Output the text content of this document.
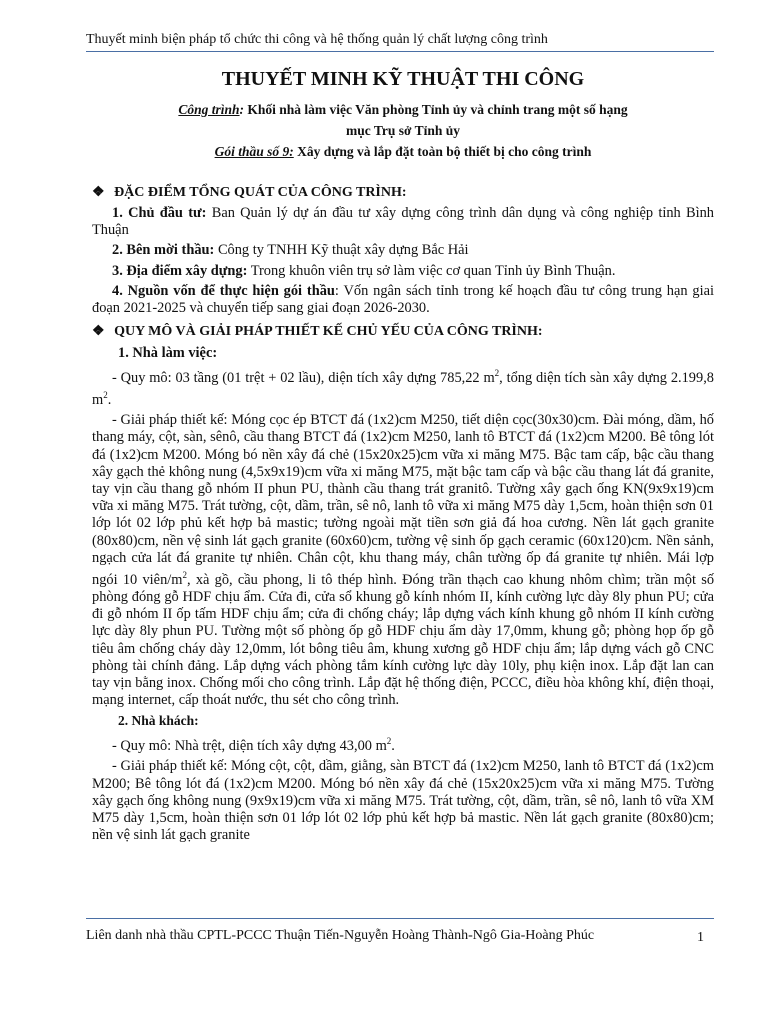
Thuyết minh biện pháp tổ chức thi công và hệ thống quản lý chất lượng công trình
THUYẾT MINH KỸ THUẬT THI CÔNG
Công trình: Khối nhà làm việc Văn phòng Tỉnh ủy và chỉnh trang một số hạng
mục Trụ sở Tỉnh ủy
Gói thầu số 9: Xây dựng và lắp đặt toàn bộ thiết bị cho công trình
❖ ĐẶC ĐIỂM TỔNG QUÁT CỦA CÔNG TRÌNH:

1. Chủ đầu tư: Ban Quản lý dự án đầu tư xây dựng công trình dân dụng và công nghiệp tỉnh Bình Thuận

2. Bên mời thầu: Công ty TNHH Kỹ thuật xây dựng Bắc Hải

3. Địa điểm xây dựng: Trong khuôn viên trụ sở làm việc cơ quan Tỉnh ủy Bình Thuận.

4. Nguồn vốn để thực hiện gói thầu: Vốn ngân sách tỉnh trong kế hoạch đầu tư công trung hạn giai đoạn 2021-2025 và chuyển tiếp sang giai đoạn 2026-2030.

❖ QUY MÔ VÀ GIẢI PHÁP THIẾT KẾ CHỦ YẾU CỦA CÔNG TRÌNH:
1. Nhà làm việc:

- Quy mô: 03 tầng (01 trệt + 02 lầu), diện tích xây dựng 785,22 $m^2$, tổng diện tích sàn xây dựng 2.199,8 $m^2$.

- Giải pháp thiết kế: Móng cọc ép BTCT đá (1x2)cm M250, tiết diện cọc(30x30)cm. Đài móng, dầm, hố thang máy, cột, sàn, sênô, cầu thang BTCT đá (1x2)cm M250, lanh tô BTCT đá (1x2)cm M200. Bê tông lót đá (1x2)cm M200. Móng bó nền xây đá chẻ (15x20x25)cm vữa xi măng M75. Bậc tam cấp, bậc cầu thang xây gạch thẻ không nung (4,5x9x19)cm vữa xi măng M75, mặt bậc tam cấp và bậc cầu thang lát đá granite, tay vịn cầu thang gỗ nhóm II phun PU, thành cầu thang trát granitô. Tường xây gạch ống KN(9x9x19)cm vữa xi măng M75. Trát tường, cột, dầm, trần, sê nô, lanh tô vữa xi măng M75 dày 1,5cm, hoàn thiện sơn 01 lớp lót 02 lớp phủ kết hợp bả mastic; tường ngoài mặt tiền sơn giả đá hoa cương. Nền lát gạch granite (80x80)cm, nền vệ sinh lát gạch granite (60x60)cm, tường vệ sinh ốp gạch ceramic (60x120)cm. Nền sảnh, ngạch cửa lát đá granite tự nhiên. Chân cột, khu thang máy, chân tường ốp đá granite tự nhiên. Mái lợp ngói 10 viên/$m^2$, xà gồ, cầu phong, li tô thép hình. Đóng trần thạch cao khung nhôm chìm; trần một số phòng đóng gỗ HDF chịu ẩm. Cửa đi, cửa sổ khung gỗ kính nhóm II, kính cường lực dày 8ly phun PU; cửa đi gỗ nhóm II ốp tấm HDF chịu ẩm; cửa đi chống cháy; lắp dựng vách kính khung gỗ nhóm II kính cường lực dày 8ly phun PU. Tường một số phòng ốp gỗ HDF chịu ẩm dày 17,0mm, khung gỗ; phòng họp ốp gỗ tiêu âm chống cháy dày 12,0mm, lót bông tiêu âm, khung xương gỗ HDF chịu ẩm; lắp dựng vách gỗ CNC phòng tài chính đảng. Lắp dựng vách phòng tắm kính cường lực dày 10ly, phụ kiện inox. Lắp đặt lan can tay vịn bằng inox. Chống mối cho công trình. Lắp đặt hệ thống điện, PCCC, điều hòa không khí, điện thoại, mạng internet, cấp thoát nước, thu sét cho công trình.

2. Nhà khách:

- Quy mô: Nhà trệt, diện tích xây dựng 43,00 $m^2$.

- Giải pháp thiết kế: Móng cột, cột, dầm, giằng, sàn BTCT đá (1x2)cm M250, lanh tô BTCT đá (1x2)cm M200; Bê tông lót đá (1x2)cm M200. Móng bó nền xây đá chẻ (15x20x25)cm vữa xi măng M75. Tường xây gạch ống không nung (9x9x19)cm vữa xi măng M75. Trát tường, cột, dầm, trần, sê nô, lanh tô vữa XM M75 dày 1,5cm, hoàn thiện sơn 01 lớp lót 02 lớp phủ kết hợp bả mastic. Nền lát gạch granite (80x80)cm; nền vệ sinh lát gạch granite

Liên danh nhà thầu CPTL-PCCC Thuận Tiến-Nguyễn Hoàng Thành-Ngô Gia-Hoàng Phúc	1
